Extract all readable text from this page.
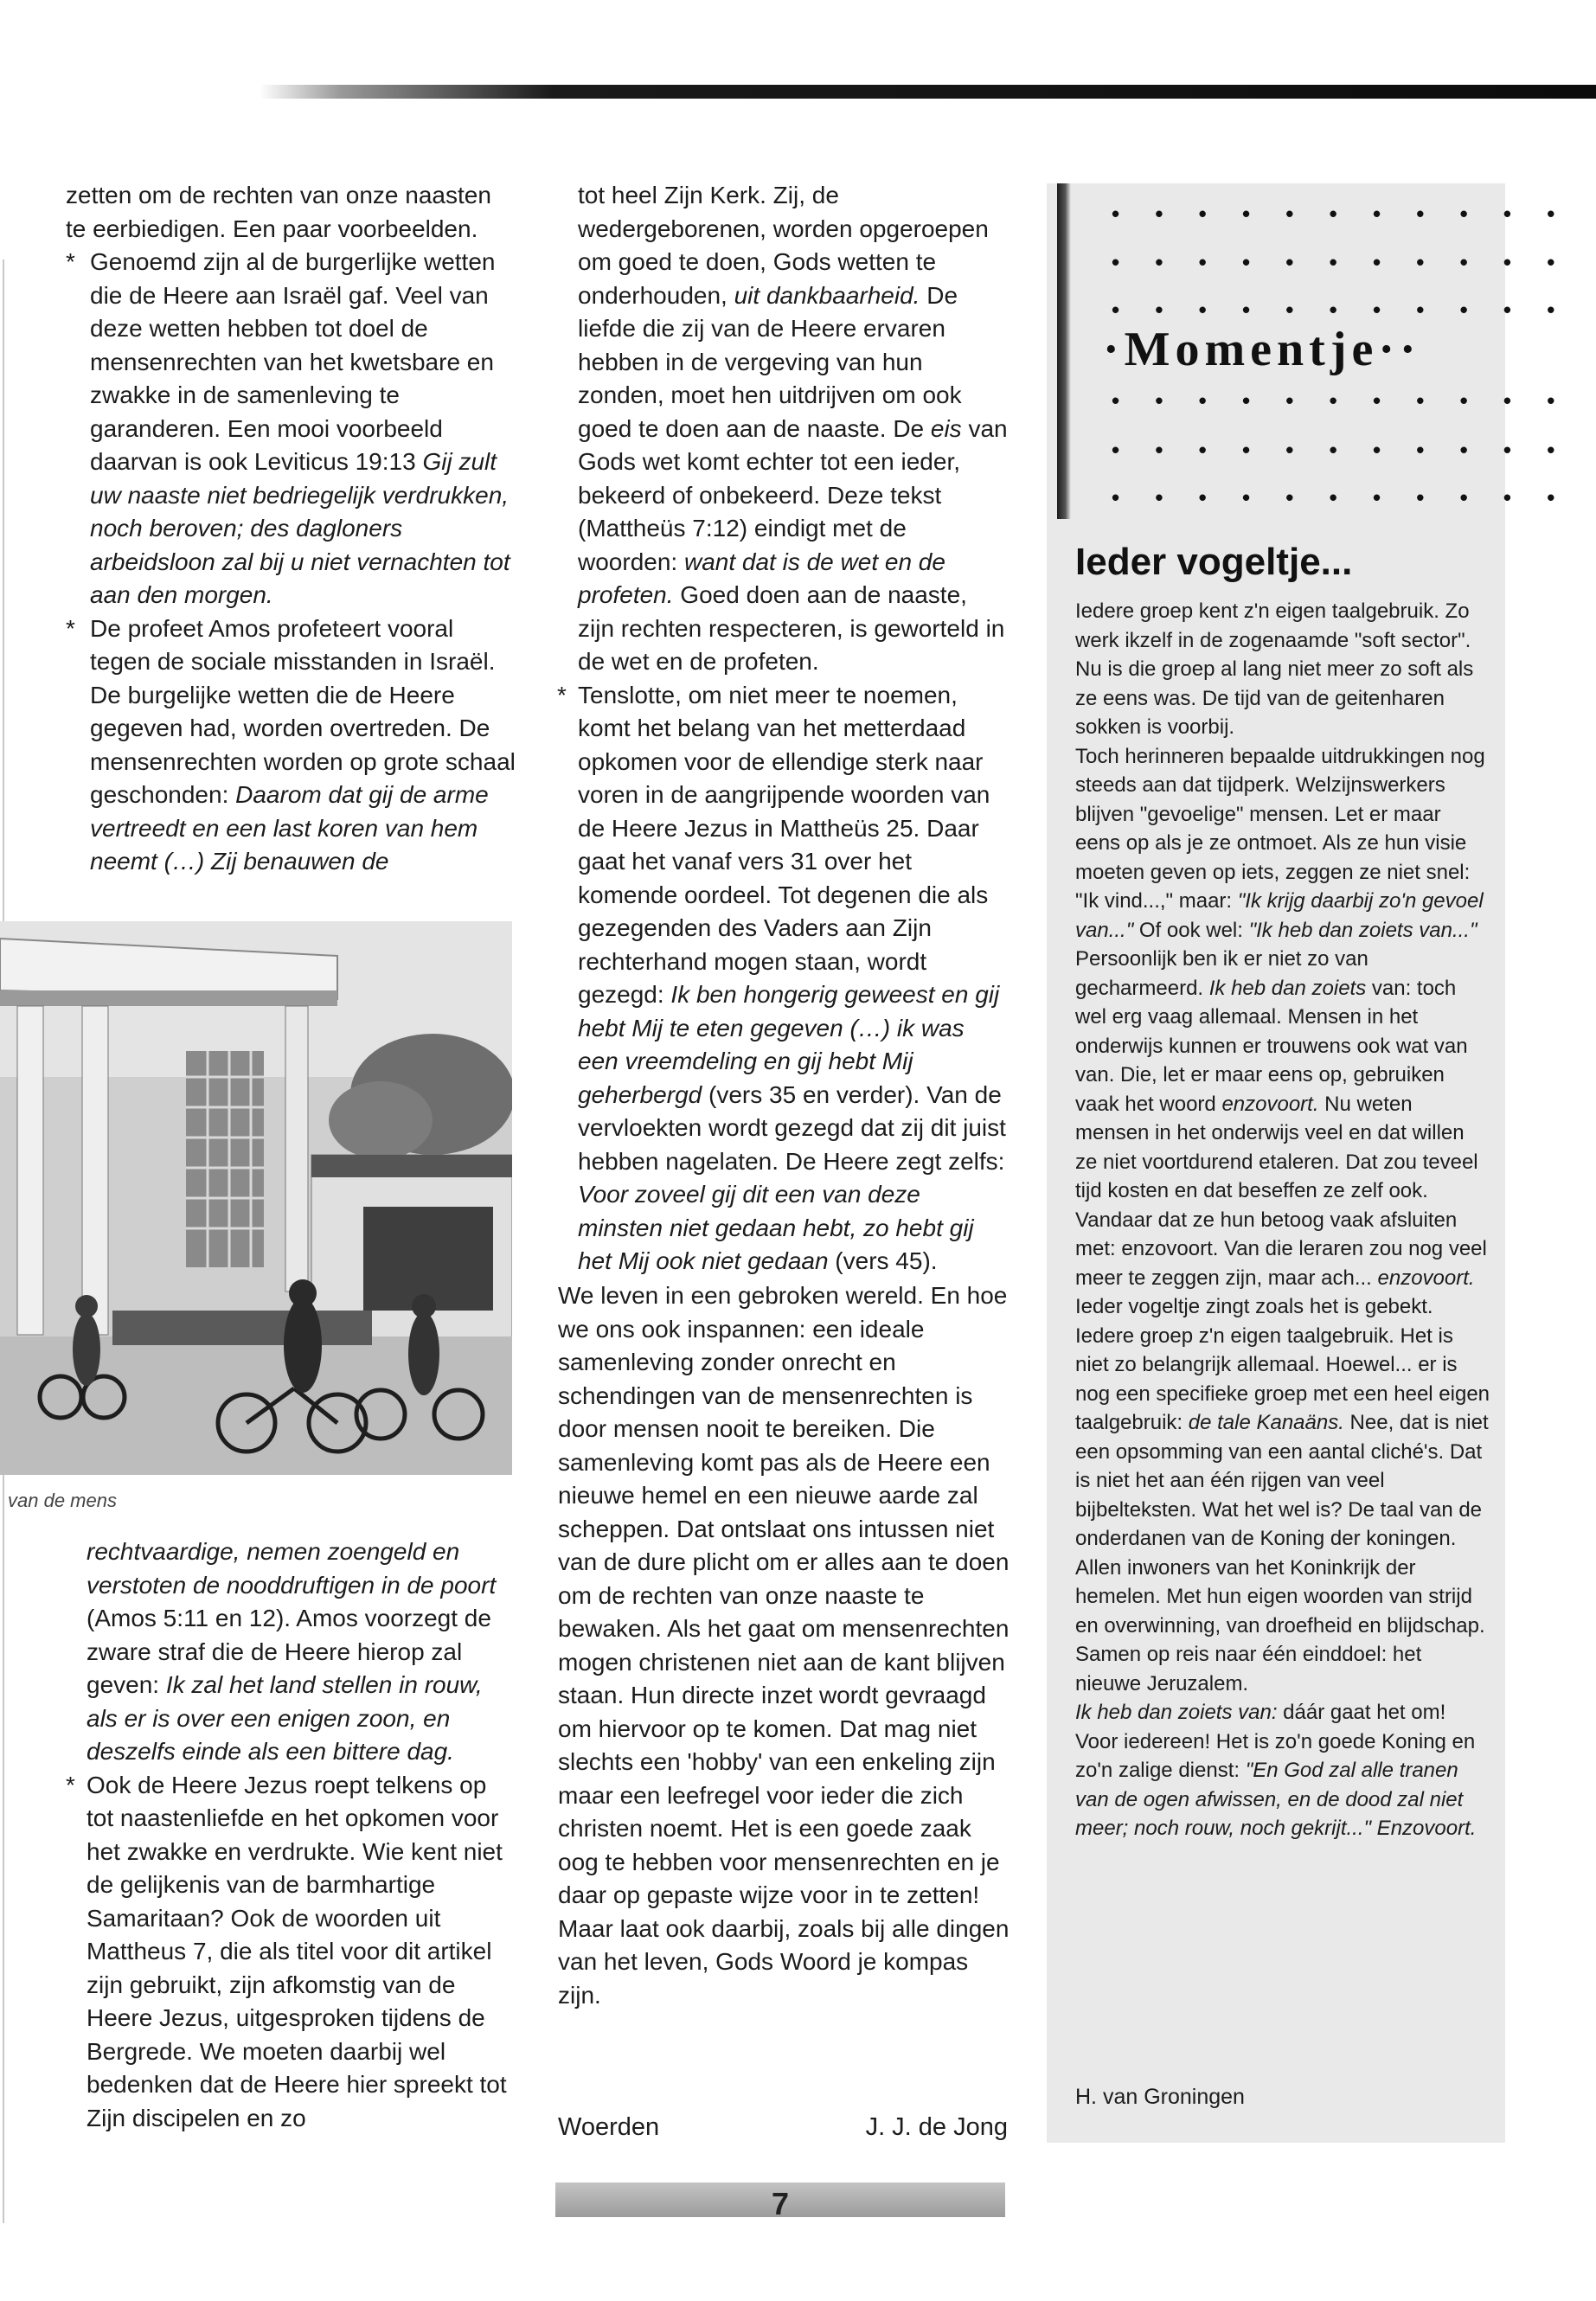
zetten om de rechten van onze naasten te eerbiedigen. Een paar voorbeelden.

* Genoemd zijn al de burgerlijke wetten die de Heere aan Israël gaf. Veel van deze wetten hebben tot doel de mensenrechten van het kwetsbare en zwakke in de samenleving te garanderen. Een mooi voorbeeld daarvan is ook Leviticus 19:13 Gij zult uw naaste niet bedriegelijk verdrukken, noch beroven; des dagloners arbeidsloon zal bij u niet vernachten tot aan den morgen.
* De profeet Amos profeteert vooral tegen de sociale misstanden in Israël. De burgelijke wetten die de Heere gegeven had, worden overtreden. De mensenrechten worden op grote schaal geschonden: Daarom dat gij de arme vertreedt en een last koren van hem neemt (…) Zij benauwen de
van de mens

rechtvaardige, nemen zoengeld en verstoten de nooddruftigen in de poort (Amos 5:11 en 12). Amos voorzegt de zware straf die de Heere hierop zal geven: Ik zal het land stellen in rouw, als er is over een enigen zoon, en deszelfs einde als een bittere dag.

* Ook de Heere Jezus roept telkens op tot naastenliefde en het opkomen voor het zwakke en verdrukte. Wie kent niet de gelijkenis van de barmhartige Samaritaan? Ook de woorden uit Mattheus 7, die als titel voor dit artikel zijn gebruikt, zijn afkomstig van de Heere Jezus, uitgesproken tijdens de Bergrede. We moeten daarbij wel bedenken dat de Heere hier spreekt tot Zijn discipelen en zo

tot heel Zijn Kerk. Zij, de wedergeborenen, worden opgeroepen om goed te doen, Gods wetten te onderhouden, uit dankbaarheid. De liefde die zij van de Heere ervaren hebben in de vergeving van hun zonden, moet hen uitdrijven om ook goed te doen aan de naaste. De eis van Gods wet komt echter tot een ieder, bekeerd of onbekeerd. Deze tekst (Mattheüs 7:12) eindigt met de woorden: want dat is de wet en de profeten. Goed doen aan de naaste, zijn rechten respecteren, is geworteld in de wet en de profeten.

* Tenslotte, om niet meer te noemen, komt het belang van het metterdaad opkomen voor de ellendige sterk naar voren in de aangrijpende woorden van de Heere Jezus in Mattheüs 25. Daar gaat het vanaf vers 31 over het komende oordeel. Tot degenen die als gezegenden des Vaders aan Zijn rechterhand mogen staan, wordt gezegd: Ik ben hongerig geweest en gij hebt Mij te eten gegeven (…) ik was een vreemdeling en gij hebt Mij geherbergd (vers 35 en verder). Van de vervloekten wordt gezegd dat zij dit juist hebben nagelaten. De Heere zegt zelfs: Voor zoveel gij dit een van deze minsten niet gedaan hebt, zo hebt gij het Mij ook niet gedaan (vers 45).

We leven in een gebroken wereld. En hoe we ons ook inspannen: een ideale samenleving zonder onrecht en schendingen van de mensenrechten is door mensen nooit te bereiken. Die samenleving komt pas als de Heere een nieuwe hemel en een nieuwe aarde zal scheppen. Dat ontslaat ons intussen niet van de dure plicht om er alles aan te doen om de rechten van onze naaste te bewaken. Als het gaat om mensenrechten mogen christenen niet aan de kant blijven staan. Hun directe inzet wordt gevraagd om hiervoor op te komen. Dat mag niet slechts een 'hobby' van een enkeling zijn maar een leefregel voor ieder die zich christen noemt. Het is een goede zaak oog te hebben voor mensenrechten en je daar op gepaste wijze voor in te zetten! Maar laat ook daarbij, zoals bij alle dingen van het leven, Gods Woord je kompas zijn.

Woerden	J. J. de Jong
7
• • • • • • • • • • •
• • • • • • • • • • •
• • • • • • • • • • •
·Momentje··
• • • • • • • • • • •
• • • • • • • • • • •
• • • • • • • • • • •
Ieder vogeltje...

Iedere groep kent z'n eigen taalgebruik. Zo werk ikzelf in de zogenaamde "soft sector". Nu is die groep al lang niet meer zo soft als ze eens was. De tijd van de geitenharen sokken is voorbij.

Toch herinneren bepaalde uitdrukkingen nog steeds aan dat tijdperk. Welzijnswerkers blijven "gevoelige" mensen. Let er maar eens op als je ze ontmoet. Als ze hun visie moeten geven op iets, zeggen ze niet snel: "Ik vind...," maar: "Ik krijg daarbij zo'n gevoel van..." Of ook wel: "Ik heb dan zoiets van..." Persoonlijk ben ik er niet zo van gecharmeerd. Ik heb dan zoiets van: toch wel erg vaag allemaal. Mensen in het onderwijs kunnen er trouwens ook wat van van. Die, let er maar eens op, gebruiken vaak het woord enzovoort. Nu weten mensen in het onderwijs veel en dat willen ze niet voortdurend etaleren. Dat zou teveel tijd kosten en dat beseffen ze zelf ook. Vandaar dat ze hun betoog vaak afsluiten met: enzovoort. Van die leraren zou nog veel meer te zeggen zijn, maar ach... enzovoort.

Ieder vogeltje zingt zoals het is gebekt. Iedere groep z'n eigen taalgebruik. Het is niet zo belangrijk allemaal. Hoewel... er is nog een specifieke groep met een heel eigen taalgebruik: de tale Kanaäns. Nee, dat is niet een opsomming van een aantal cliché's. Dat is niet het aan één rijgen van veel bijbelteksten. Wat het wel is? De taal van de onderdanen van de Koning der koningen. Allen inwoners van het Koninkrijk der hemelen. Met hun eigen woorden van strijd en overwinning, van droefheid en blijdschap. Samen op reis naar één einddoel: het nieuwe Jeruzalem.

Ik heb dan zoiets van: dáár gaat het om! Voor iedereen! Het is zo'n goede Koning en zo'n zalige dienst: "En God zal alle tranen van de ogen afwissen, en de dood zal niet meer; noch rouw, noch gekrijt..." Enzovoort.

H. van Groningen
